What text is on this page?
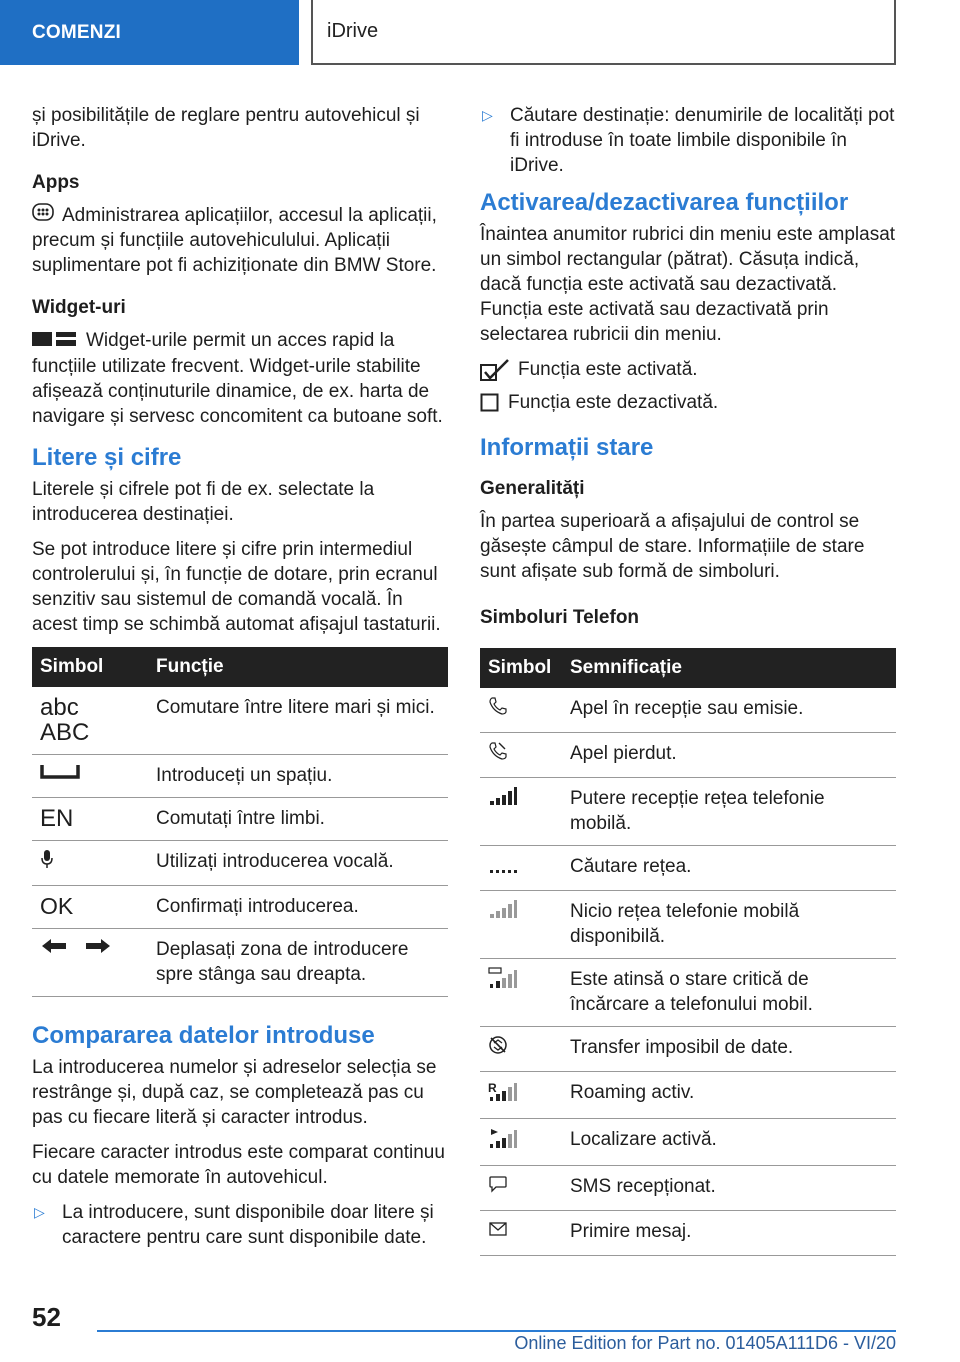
COMENZI	iDrive

și posibilitățile de reglare pentru autovehicul și iDrive.

Apps

Administrarea aplicațiilor, accesul la aplicații, precum și funcțiile autovehiculului. Aplicații suplimentare pot fi achiziționate din BMW Store.

Widget-uri

Widget-urile permit un acces rapid la funcțiile utilizate frecvent. Widget-urile stabilite afișează conținuturile dinamice, de ex. harta de navigare și servesc concomitent ca butoane soft.

Litere și cifre

Literele și cifrele pot fi de ex. selectate la introducerea destinației.

Se pot introduce litere și cifre prin intermediul controlerului și, în funcție de dotare, prin ecranul senzitiv sau sistemul de comandă vocală. În acest timp se schimbă automat afișajul tastaturii.

Simbol	Funcție

abc
ABC	Comutare între litere mari și mici.
	Introduceți un spațiu.
EN	Comutați între limbi.
	Utilizați introducerea vocală.
OK	Confirmați introducerea.
	Deplasați zona de introducere spre stânga sau dreapta.
Compararea datelor introduse

La introducerea numelor și adreselor selecția se restrânge și, după caz, se completează pas cu pas cu fiecare literă și caracter introdus.

Fiecare caracter introdus este comparat continuu cu datele memorate în autovehicul.

▷ La introducere, sunt disponibile doar litere și caractere pentru care sunt disponibile date.

▷ Căutare destinație: denumirile de localități pot fi introduse în toate limbile disponibile în iDrive.

Activarea/dezactivarea funcțiilor

Înaintea anumitor rubrici din meniu este amplasat un simbol rectangular (pătrat). Căsuța indică, dacă funcția este activată sau dezactivată. Funcția este activată sau dezactivată prin selectarea rubricii din meniu.

Funcția este activată.
Funcția este dezactivată.
Informații stare
Generalități

În partea superioară a afișajului de control se găsește câmpul de stare. Informațiile de stare sunt afișate sub formă de simboluri.

Simboluri Telefon
Simbol	Semnificație
	Apel în recepție sau emisie.
	Apel pierdut.
	Putere recepție rețea telefonie mobilă.
	Căutare rețea.
	Nicio rețea telefonie mobilă disponibilă.
	Este atinsă o stare critică de încărcare a telefonului mobil.
	Transfer imposibil de date.

R	Roaming activ.
	Localizare activă.
	SMS recepționat.
	Primire mesaj.
52
Online Edition for Part no. 01405A111D6 - VI/20
